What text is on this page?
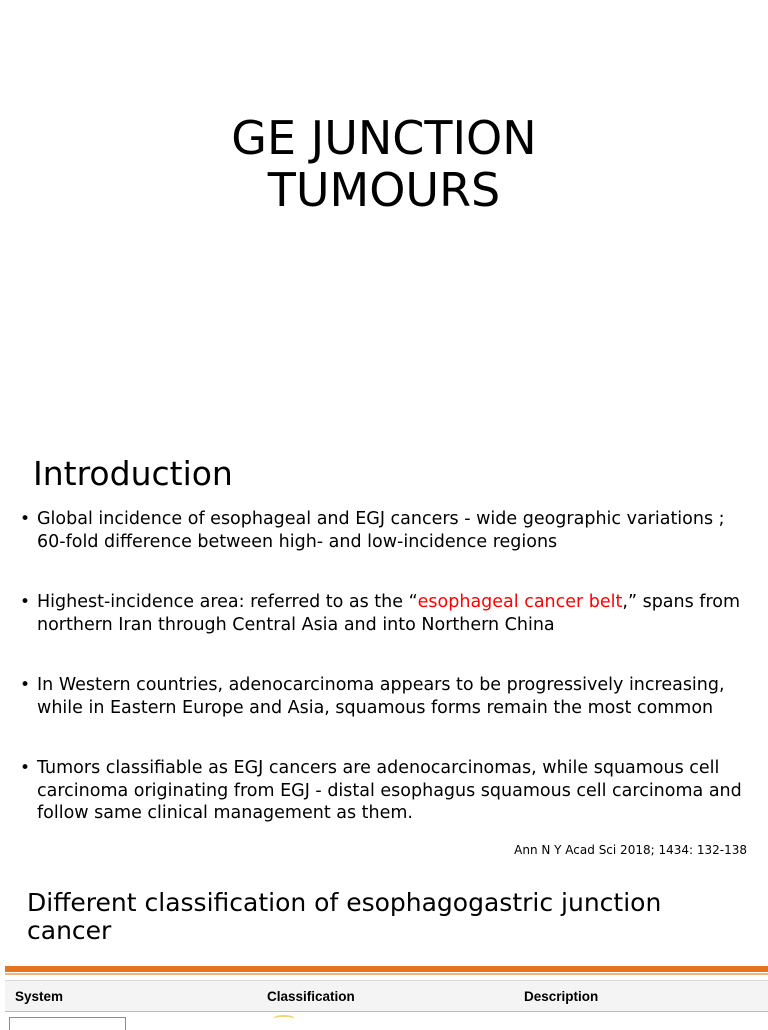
GE JUNCTION
TUMOURS
Introduction
• Global incidence of esophageal and EGJ cancers - wide geographic variations ; 60-fold difference between high- and low-incidence regions
• Highest-incidence area: referred to as the “esophageal cancer belt,” spans from northern Iran through Central Asia and into Northern China
• In Western countries, adenocarcinoma appears to be progressively increasing, while in Eastern Europe and Asia, squamous forms remain the most common
• Tumors classifiable as EGJ cancers are adenocarcinomas, while squamous cell carcinoma originating from EGJ - distal esophagus squamous cell carcinoma and follow same clinical management as them.
Ann N Y Acad Sci 2018; 1434: 132-138
Different classification of esophagogastric junction cancer
System	Classification	Description
